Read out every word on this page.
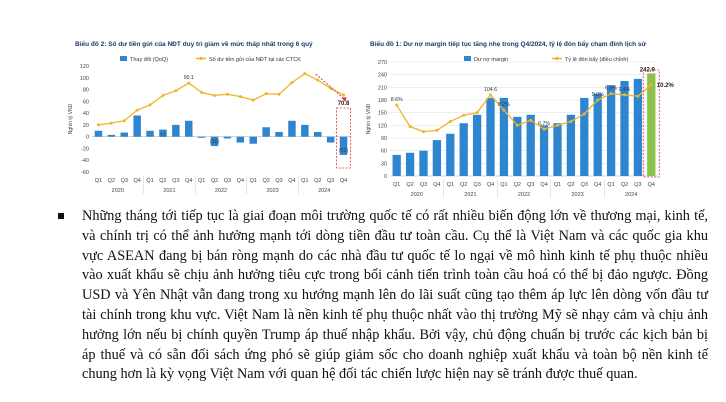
Biểu đồ 2: Số dư tiền gửi của NĐT duy trì giảm về mức thấp nhất trong 6 quý
Thay đổi (QoQ)	Số dư tiền gửi của NĐT tại các CTCK
-60
-40
-20
0
20
40
60
80
100
120
Nghìn tỷ VND
Q1 Q2 Q3 Q4 Q1 Q2 Q3 Q4 Q1 Q2 Q3 Q4 Q1 Q2 Q3 Q4 Q1 Q2 Q3 Q4
2020	2021	2022	2023	2024
12
(16)
(31)
90.1
70.8
Biểu đồ 1: Dư nợ margin tiếp tục tăng nhẹ trong Q4/2024, tỷ lệ đòn bẩy chạm đỉnh lịch sử
Dư nợ margin	Tỷ lệ đòn bẩy (điều chỉnh)
0
30
60
90
120
150
180
210
240
270
Nghìn tỷ VND
Q1 Q2 Q3 Q4 Q1 Q2 Q3 Q4 Q1 Q2 Q3 Q4 Q1 Q2 Q3 Q4 Q1 Q2 Q3 Q4
2020	2021	2022	2023	2024
242.9
8.6%
104.6
8.2%
6.7%
9.0%
6.5% 9.4%
10.2%
Những tháng tới tiếp tục là giai đoạn môi trường quốc tế có rất nhiều biến động lớn về thương mại, kinh tế, và chính trị có thể ảnh hưởng mạnh tới dòng tiền đầu tư toàn cầu. Cụ thể là Việt Nam và các quốc gia khu vực ASEAN đang bị bán ròng mạnh do các nhà đầu tư quốc tế lo ngại về mô hình kinh tế phụ thuộc nhiều vào xuất khẩu sẽ chịu ảnh hưởng tiêu cực trong bối cảnh tiến trình toàn cầu hoá có thể bị đảo ngược. Đồng USD và Yên Nhật vẫn đang trong xu hướng mạnh lên do lãi suất cũng tạo thêm áp lực lên dòng vốn đầu tư tài chính trong khu vực. Việt Nam là nền kinh tế phụ thuộc nhất vào thị trường Mỹ sẽ nhạy cảm và chịu ảnh hưởng lớn nếu bị chính quyền Trump áp thuế nhập khẩu. Bởi vậy, chủ động chuẩn bị trước các kịch bản bị áp thuế và có sẵn đối sách ứng phó sẽ giúp giảm sốc cho doanh nghiệp xuất khẩu và toàn bộ nền kinh tế chung hơn là kỳ vọng Việt Nam với quan hệ đối tác chiến lược hiện nay sẽ tránh được thuế quan.
